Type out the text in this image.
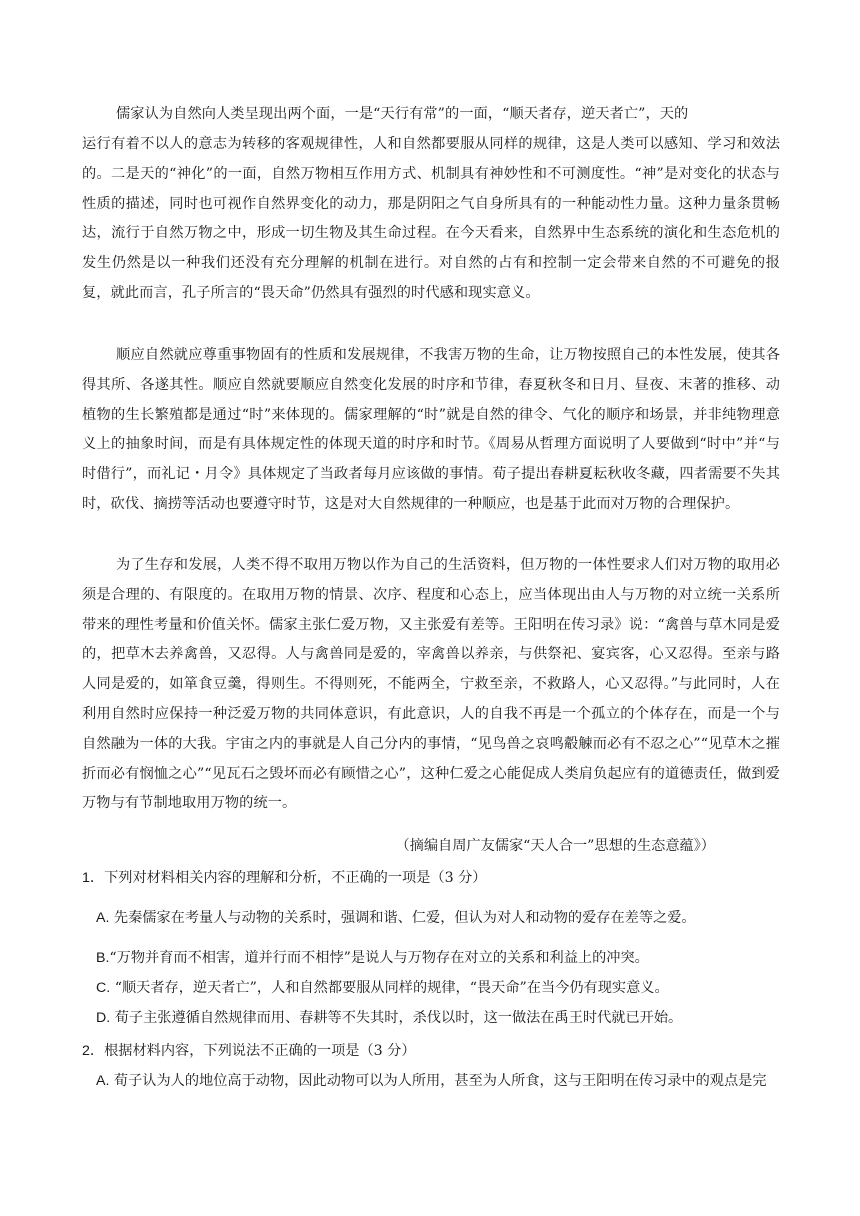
儒家认为自然向人类呈现出两个面，一是“天行有常”的一面，“顺天者存，逆天者亡”，天的

运行有着不以人的意志为转移的客观规律性，人和自然都要服从同样的规律，这是人类可以感知、学习和效法的。二是天的“神化”的一面，自然万物相互作用方式、机制具有神妙性和不可测度性。“神”是对变化的状态与性质的描述，同时也可视作自然界变化的动力，那是阴阳之气自身所具有的一种能动性力量。这种力量条贯畅达，流行于自然万物之中，形成一切生物及其生命过程。在今天看来，自然界中生态系统的演化和生态危机的发生仍然是以一种我们还没有充分理解的机制在进行。对自然的占有和控制一定会带来自然的不可避免的报复，就此而言，孔子所言的“畏天命”仍然具有强烈的时代感和现实意义。

顺应自然就应尊重事物固有的性质和发展规律，不我害万物的生命，让万物按照自己的本性发展，使其各得其所、各遂其性。顺应自然就要顺应自然变化发展的时序和节律，春夏秋冬和日月、昼夜、末著的推移、动植物的生长繁殖都是通过“时”来体现的。儒家理解的“时”就是自然的律令、气化的顺序和场景，并非纯物理意义上的抽象时间，而是有具体规定性的体现天道的时序和时节。《周易从哲理方面说明了人要做到“时中”并“与时借行”，而礼记・月令》具体规定了当政者每月应该做的事情。荀子提出春耕夏耘秋收冬藏，四者需要不失其时，砍伐、摘捞等活动也要遵守时节，这是对大自然规律的一种顺应，也是基于此而对万物的合理保护。

为了生存和发展，人类不得不取用万物以作为自己的生活资料，但万物的一体性要求人们对万物的取用必须是合理的、有限度的。在取用万物的情景、次序、程度和心态上，应当体现出由人与万物的对立统一关系所带来的理性考量和价值关怀。儒家主张仁爱万物，又主张爱有差等。王阳明在传习录》说：“禽兽与草木同是爱的，把草木去养禽兽，又忍得。人与禽兽同是爱的，宰禽兽以养亲，与供祭祀、宴宾客，心又忍得。至亲与路人同是爱的，如箪食豆羹，得则生。不得则死，不能两全，宁救至亲，不救路人，心又忍得。”与此同时，人在利用自然时应保持一种泛爱万物的共同体意识，有此意识，人的自我不再是一个孤立的个体存在，而是一个与自然融为一体的大我。宇宙之内的事就是人自己分内的事情，“见鸟兽之哀鸣觳觫而必有不忍之心”“见草木之摧折而必有悯恤之心”“见瓦石之毁坏而必有顾惜之心”，这种仁爱之心能促成人类肩负起应有的道德责任，做到爱万物与有节制地取用万物的统一。

（摘编自周广友儒家“天人合一”思想的生态意蕴》）

1．下列对材料相关内容的理解和分析，不正确的一项是（3 分）

A. 先秦儒家在考量人与动物的关系时，强调和谐、仁爱，但认为对人和动物的爱存在差等之爱。

B.“万物并育而不相害，道并行而不相悖”是说人与万物存在对立的关系和利益上的冲突。

C. “顺天者存，逆天者亡”，人和自然都要服从同样的规律，“畏天命”在当今仍有现实意义。

D. 荀子主张遵循自然规律而用、春耕等不失其时，杀伐以时，这一做法在禹王时代就已开始。

2．根据材料内容，下列说法不正确的一项是（3 分）

A. 荀子认为人的地位高于动物，因此动物可以为人所用，甚至为人所食，这与王阳明在传习录中的观点是完
